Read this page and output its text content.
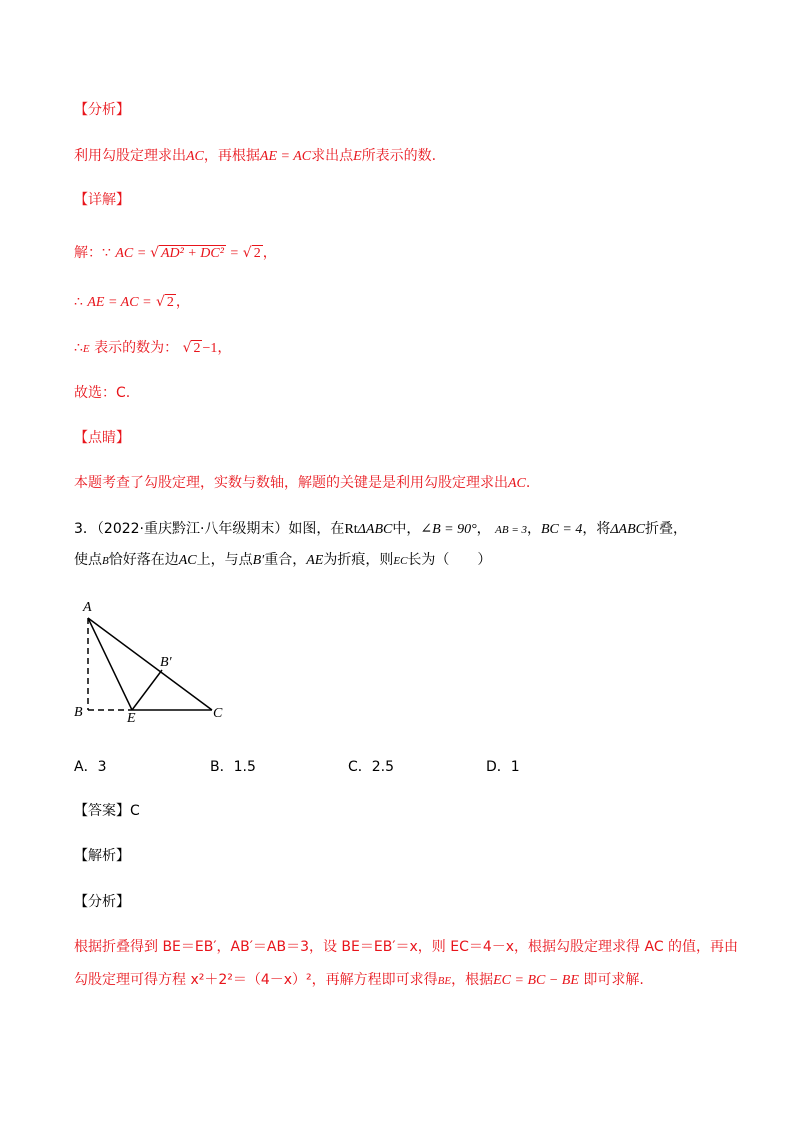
【分析】
利用勾股定理求出AC，再根据AE = AC求出点E所表示的数.
【详解】
解：∵ AC = √ AD² + DC² = √ 2 ，
∴ AE = AC = √ 2 ，
∴E 表示的数为： √ 2 −1，
故选：C.
【点睛】
本题考查了勾股定理，实数与数轴，解题的关键是是利用勾股定理求出AC.
3．（2022·重庆黔江·八年级期末）如图，在RtΔABC中，∠B = 90°， AB = 3，BC = 4，将ΔABC折叠，
使点B恰好落在边AC上，与点B′重合，AE为折痕，则EC长为（　　）
A
B	E	C
B′
A．3	B．1.5	C．2.5	D．1
【答案】C
【解析】
【分析】
根据折叠得到 BE＝EB′，AB′＝AB＝3，设 BE＝EB′＝x，则 EC＝4－x，根据勾股定理求得 AC 的值，再由
勾股定理可得方程 x²＋2²＝（4－x）²，再解方程即可求得BE，根据EC = BC − BE 即可求解.
